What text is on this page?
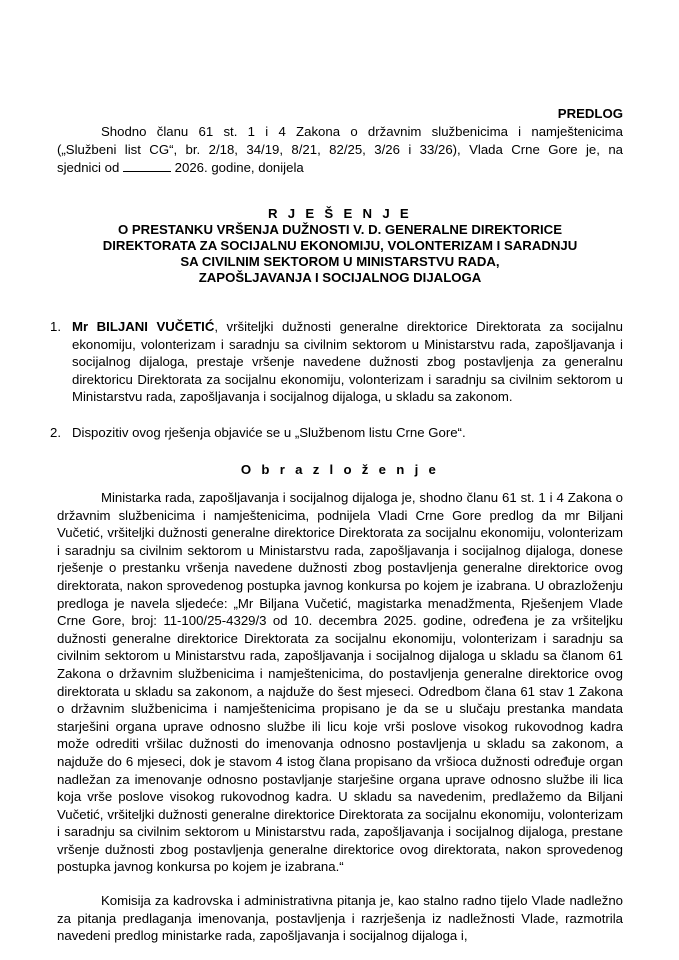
PREDLOG

Shodno članu 61 st. 1 i 4 Zakona o državnim službenicima i namještenicima

(„Službeni list CG“, br. 2/18, 34/19, 8/21, 82/25, 3/26 i 33/26), Vlada Crne Gore je, na

sjednici od	2026. godine, donijela

R J E Š E N J E

O PRESTANKU VRŠENJA DUŽNOSTI V. D. GENERALNE DIREKTORICE

DIREKTORATA ZA SOCIJALNU EKONOMIJU, VOLONTERIZAM I SARADNJU

SA CIVILNIM SEKTOROM U MINISTARSTVU RADA,

ZAPOŠLJAVANJA I SOCIJALNOG DIJALOGA

1. Mr BILJANI VUČETIĆ, vršiteljki dužnosti generalne direktorice Direktorata za socijalnu ekonomiju, volonterizam i saradnju sa civilnim sektorom u Ministarstvu rada, zapošljavanja i socijalnog dijaloga, prestaje vršenje navedene dužnosti zbog postavljenja za generalnu direktoricu Direktorata za socijalnu ekonomiju, volonterizam i saradnju sa civilnim sektorom u Ministarstvu rada, zapošljavanja i socijalnog dijaloga, u skladu sa zakonom.
2. Dispozitiv ovog rješenja objaviće se u „Službenom listu Crne Gore“.

O b r a z l o ž e n j e

Ministarka rada, zapošljavanja i socijalnog dijaloga je, shodno članu 61 st. 1 i 4 Zakona o državnim službenicima i namještenicima, podnijela Vladi Crne Gore predlog da mr Biljani Vučetić, vršiteljki dužnosti generalne direktorice Direktorata za socijalnu ekonomiju, volonterizam i saradnju sa civilnim sektorom u Ministarstvu rada, zapošljavanja i socijalnog dijaloga, donese rješenje o prestanku vršenja navedene dužnosti zbog postavljenja generalne direktorice ovog direktorata, nakon sprovedenog postupka javnog konkursa po kojem je izabrana. U obrazloženju predloga je navela sljedeće: „Mr Biljana Vučetić, magistarka menadžmenta, Rješenjem Vlade Crne Gore, broj: 11-100/25-4329/3 od 10. decembra 2025. godine, određena je za vršiteljku dužnosti generalne direktorice Direktorata za socijalnu ekonomiju, volonterizam i saradnju sa civilnim sektorom u Ministarstvu rada, zapošljavanja i socijalnog dijaloga u skladu sa članom 61 Zakona o državnim službenicima i namještenicima, do postavljenja generalne direktorice ovog direktorata u skladu sa zakonom, a najduže do šest mjeseci. Odredbom člana 61 stav 1 Zakona o državnim službenicima i namještenicima propisano je da se u slučaju prestanka mandata starješini organa uprave odnosno službe ili licu koje vrši poslove visokog rukovodnog kadra može odrediti vršilac dužnosti do imenovanja odnosno postavljenja u skladu sa zakonom, a najduže do 6 mjeseci, dok je stavom 4 istog člana propisano da vršioca dužnosti određuje organ nadležan za imenovanje odnosno postavljanje starješine organa uprave odnosno službe ili lica koja vrše poslove visokog rukovodnog kadra. U skladu sa navedenim, predlažemo da Biljani Vučetić, vršiteljki dužnosti generalne direktorice Direktorata za socijalnu ekonomiju, volonterizam i saradnju sa civilnim sektorom u Ministarstvu rada, zapošljavanja i socijalnog dijaloga, prestane vršenje dužnosti zbog postavljenja generalne direktorice ovog direktorata, nakon sprovedenog postupka javnog konkursa po kojem je izabrana.“

Komisija za kadrovska i administrativna pitanja je, kao stalno radno tijelo Vlade nadležno za pitanja predlaganja imenovanja, postavljenja i razrješenja iz nadležnosti Vlade, razmotrila navedeni predlog ministarke rada, zapošljavanja i socijalnog dijaloga i,
